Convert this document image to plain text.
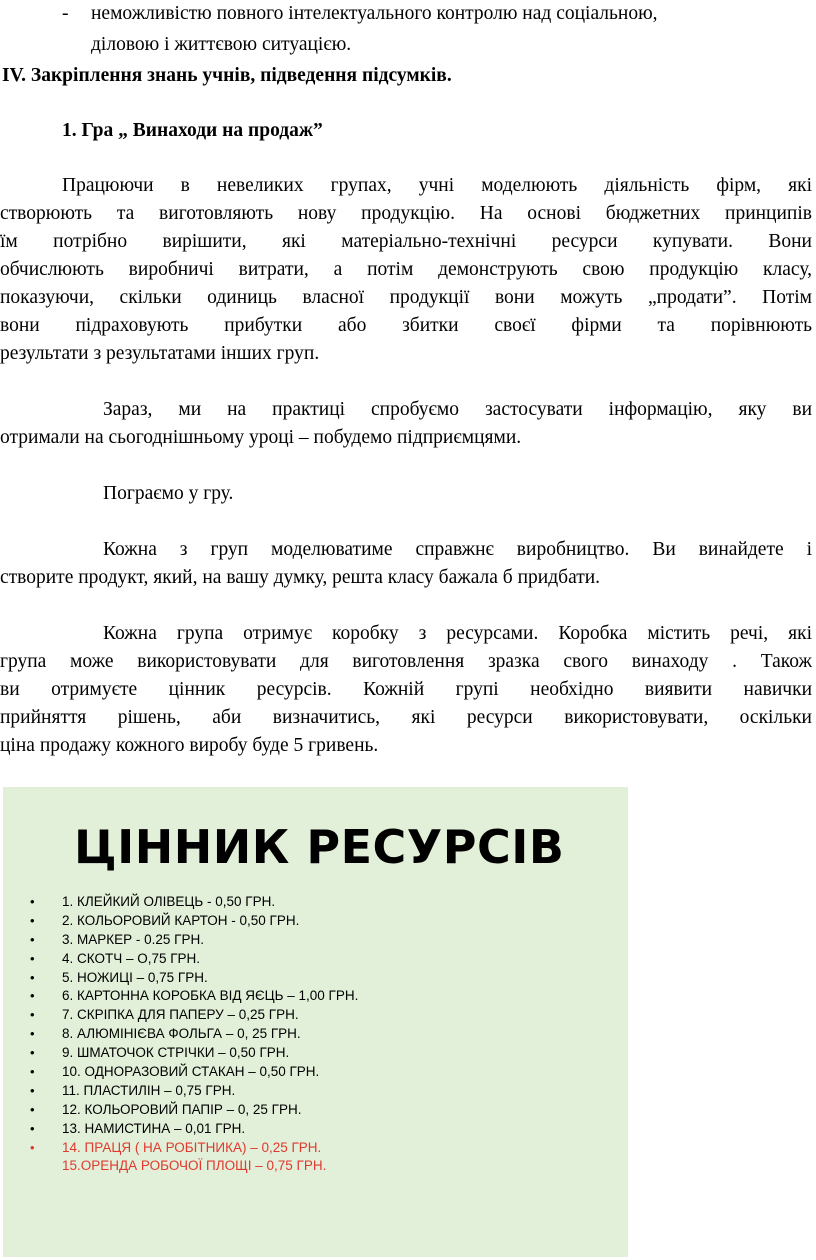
- неможливістю повного інтелектуального контролю над соціальною,
діловою і життєвою ситуацією.
IV. Закріплення знань учнів, підведення підсумків.
1. Гра „ Винаходи на продаж”
Працюючи в невеликих групах, учні моделюють діяльність фірм, які
створюють та виготовляють нову продукцію. На основі бюджетних принципів
їм потрібно вирішити, які матеріально-технічні ресурси купувати. Вони
обчислюють виробничі витрати, а потім демонструють свою продукцію класу,
показуючи, скільки одиниць власної продукції вони можуть „продати”. Потім
вони підраховують прибутки або збитки своєї фірми та порівнюють
результати з результатами інших груп.
Зараз, ми на практиці спробуємо застосувати інформацію, яку ви
отримали на сьогоднішньому уроці – побудемо підприємцями.
Пограємо у гру.
Кожна з груп моделюватиме справжнє виробництво. Ви винайдете і
створите продукт, який, на вашу думку, решта класу бажала б придбати.
Кожна група отримує коробку з ресурсами. Коробка містить речі, які
група може використовувати для виготовлення зразка свого винаходу . Також
ви отримуєте цінник ресурсів. Кожній групі необхідно виявити навички
прийняття рішень, аби визначитись, які ресурси використовувати, оскільки
ціна продажу кожного виробу буде 5 гривень.
ЦІННИК РЕСУРСІВ
• 1. КЛЕЙКИЙ ОЛІВЕЦЬ - 0,50 ГРН.
• 2. КОЛЬОРОВИЙ КАРТОН - 0,50 ГРН.
• 3. МАРКЕР - 0.25 ГРН.
• 4. СКОТЧ – О,75 ГРН.
• 5. НОЖИЦІ – 0,75 ГРН.
• 6. КАРТОННА КОРОБКА ВІД ЯЄЦЬ – 1,00 ГРН.
• 7. СКРІПКА ДЛЯ ПАПЕРУ – 0,25 ГРН.
• 8. АЛЮМІНІЄВА ФОЛЬГА – 0, 25 ГРН.
• 9. ШМАТОЧОК СТРІЧКИ – 0,50 ГРН.
• 10. ОДНОРАЗОВИЙ СТАКАН – 0,50 ГРН.
• 11. ПЛАСТИЛІН – 0,75 ГРН.
• 12. КОЛЬОРОВИЙ ПАПІР – 0, 25 ГРН.
• 13. НАМИСТИНА – 0,01 ГРН.
• 14. ПРАЦЯ ( НА РОБІТНИКА) – 0,25 ГРН.
15.ОРЕНДА РОБОЧОЇ ПЛОЩІ – 0,75 ГРН.
